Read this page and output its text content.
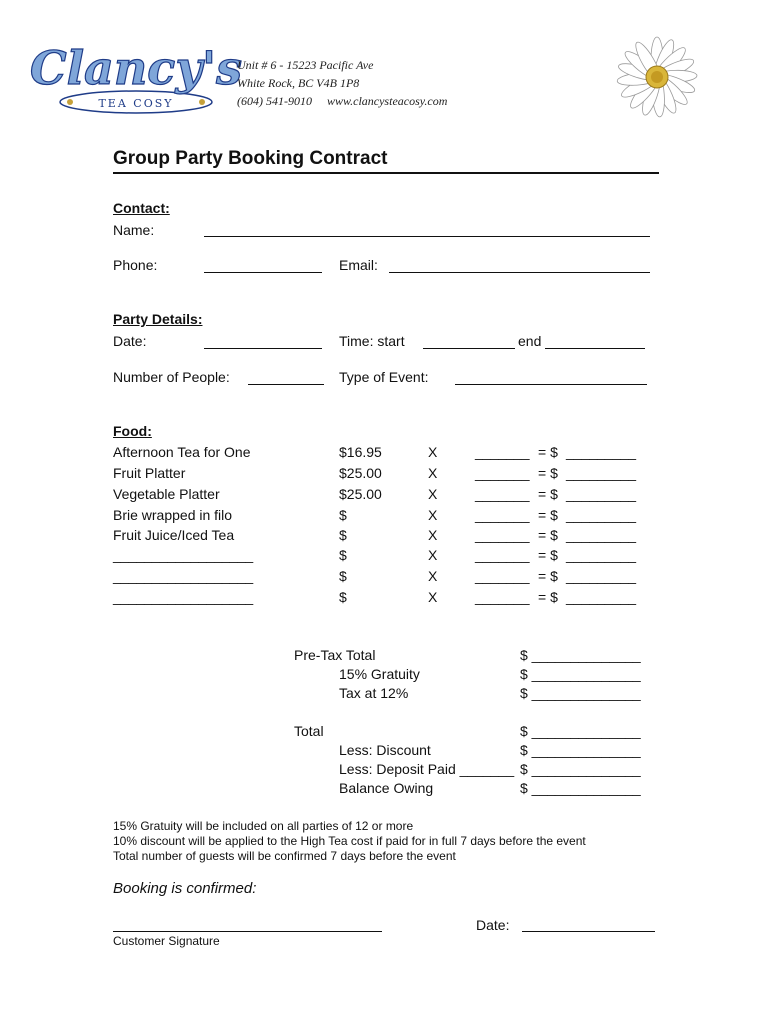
Clancy's
TEA COSY
Unit # 6 - 15223 Pacific Ave
White Rock, BC V4B 1P8
(604) 541-9010 www.clancysteacosy.com
Group Party Booking Contract
Contact:
Name:
Phone:	Email:
Party Details:
Date:	Time: start	end
Number of People:	Type of Event:
Food:
Afternoon Tea for One	$16.95	X	_______ = $ _________
Fruit Platter	$25.00	X	_______ = $ _________
Vegetable Platter	$25.00	X	_______ = $ _________
Brie wrapped in filo	$	X	_______ = $ _________
Fruit Juice/Iced Tea	$	X	_______ = $ _________
__________________	$	X	_______ = $ _________
__________________	$	X	_______ = $ _________
__________________	$	X	_______ = $ _________
Pre-Tax Total	$ ______________
15% Gratuity	$ ______________
Tax at 12%	$ ______________
Total	$ ______________
Less: Discount	$ ______________
Less: Deposit Paid _______ $ ______________
Balance Owing	$ ______________
15% Gratuity will be included on all parties of 12 or more
10% discount will be applied to the High Tea cost if paid for in full 7 days before the event
Total number of guests will be confirmed 7 days before the event
Booking is confirmed:
Customer Signature
Date:
